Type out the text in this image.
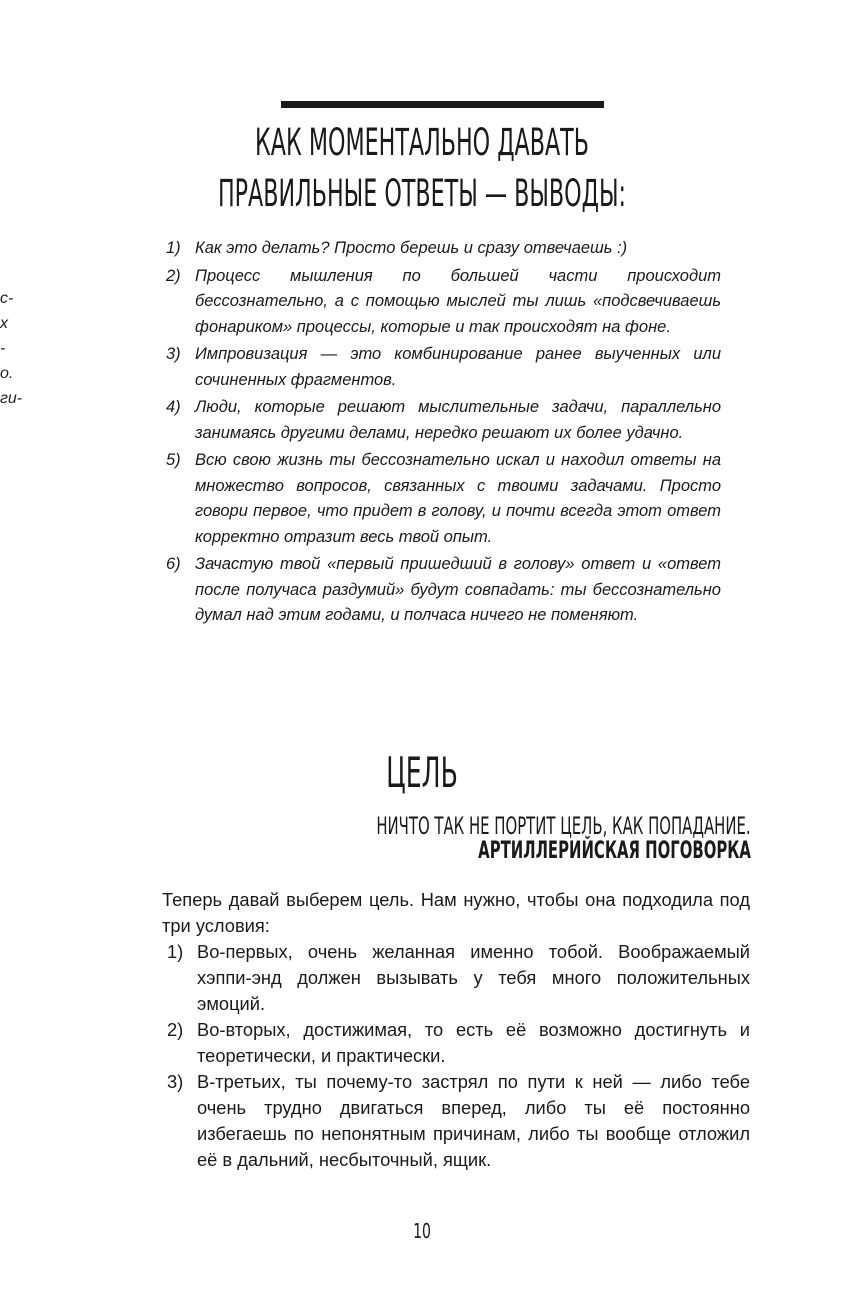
с-
х
-
о.
ги-
КАК МОМЕНТАЛЬНО ДАВАТЬ
ПРАВИЛЬНЫЕ ОТВЕТЫ — ВЫВОДЫ:
1) Как это делать? Просто берешь и сразу отвечаешь :)
2) Процесс мышления по большей части происходит бессознательно, а с помощью мыслей ты лишь «подсвечиваешь фонариком» процессы, которые и так происходят на фоне.
3) Импровизация — это комбинирование ранее выученных или сочиненных фрагментов.
4) Люди, которые решают мыслительные задачи, параллельно занимаясь другими делами, нередко решают их более удачно.
5) Всю свою жизнь ты бессознательно искал и находил ответы на множество вопросов, связанных с твоими задачами. Просто говори первое, что придет в голову, и почти всегда этот ответ корректно отразит весь твой опыт.
6) Зачастую твой «первый пришедший в голову» ответ и «ответ после получаса раздумий» будут совпадать: ты бессознательно думал над этим годами, и полчаса ничего не поменяют.
ЦЕЛЬ
НИЧТО ТАК НЕ ПОРТИТ ЦЕЛЬ, КАК ПОПАДАНИЕ.
АРТИЛЛЕРИЙСКАЯ ПОГОВОРКА

Теперь давай выберем цель. Нам нужно, чтобы она подходила под три условия:

1) Во-первых, очень желанная именно тобой. Воображаемый хэппи-энд должен вызывать у тебя много положительных эмоций.
2) Во-вторых, достижимая, то есть её возможно достигнуть и теоретически, и практически.
3) В-третьих, ты почему-то застрял по пути к ней — либо тебе очень трудно двигаться вперед, либо ты её постоянно избегаешь по непонятным причинам, либо ты вообще отложил её в дальний, несбыточный, ящик.
10
